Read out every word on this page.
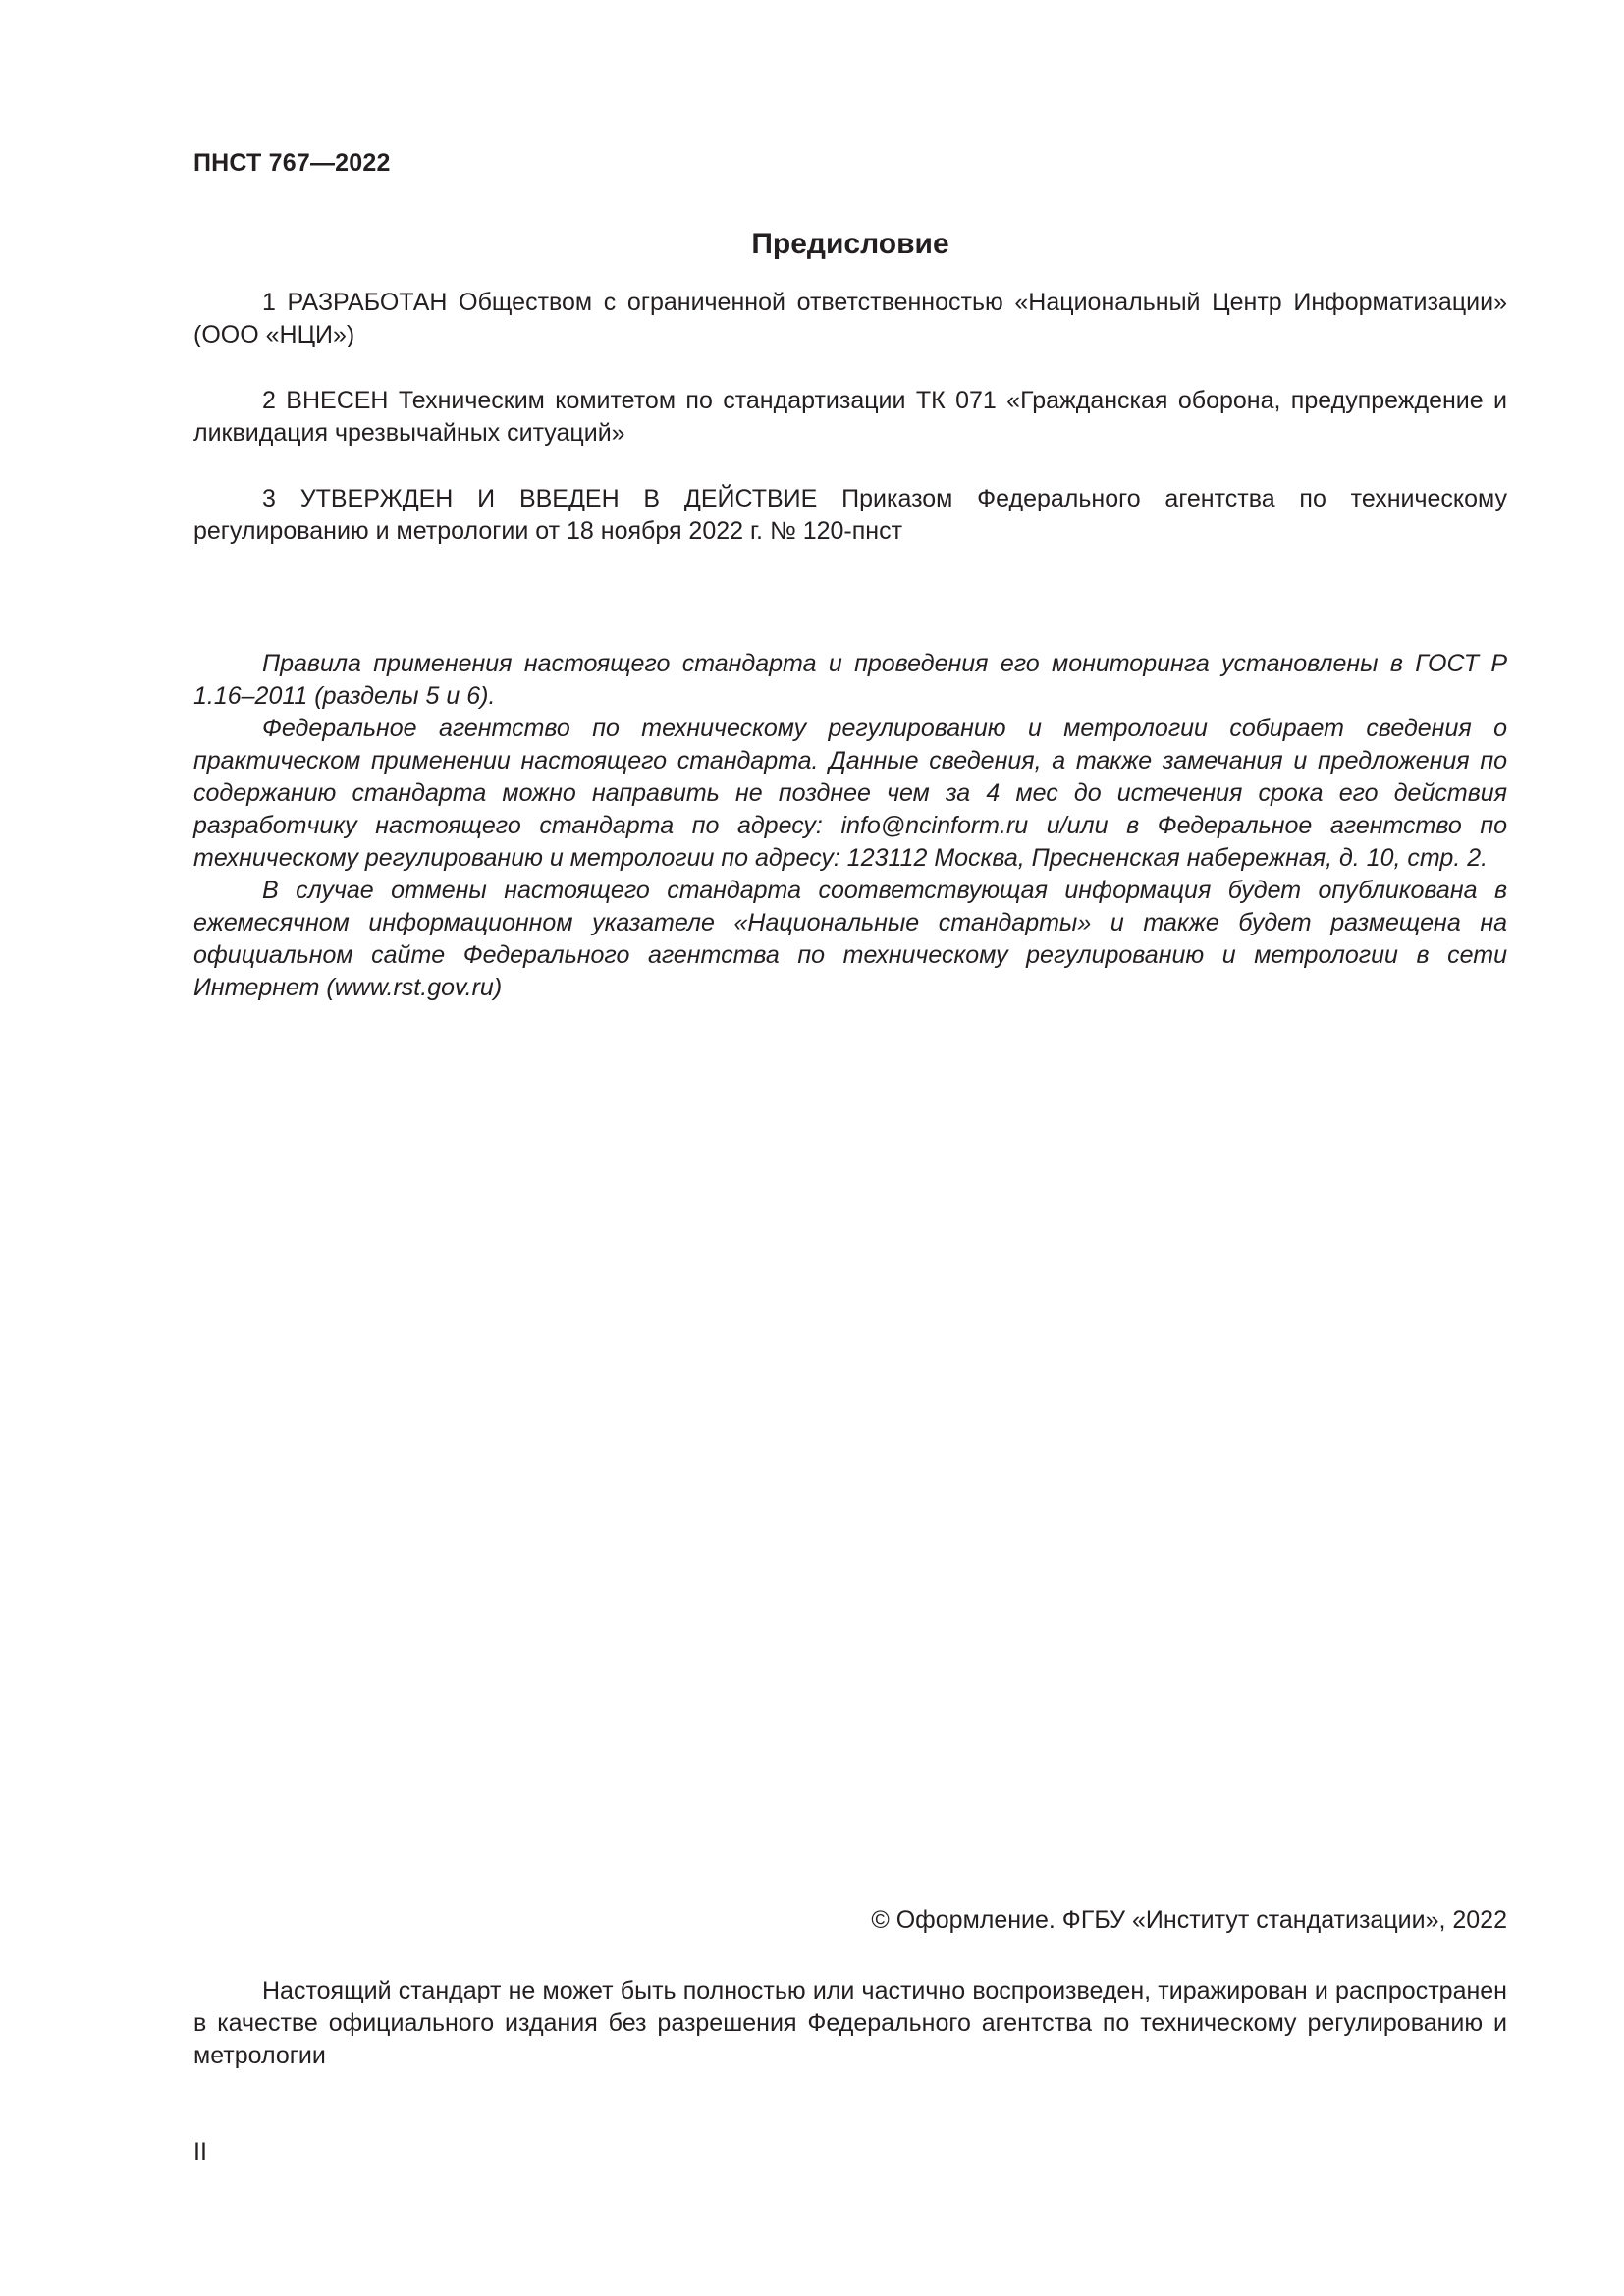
ПНСТ 767—2022

Предисловие

1 РАЗРАБОТАН Обществом с ограниченной ответственностью «Национальный Центр Информатизации» (ООО «НЦИ»)

2 ВНЕСЕН Техническим комитетом по стандартизации ТК 071 «Гражданская оборона, предупреждение и ликвидация чрезвычайных ситуаций»

3 УТВЕРЖДЕН И ВВЕДЕН В ДЕЙСТВИЕ Приказом Федерального агентства по техническому регулированию и метрологии от 18 ноября 2022 г. № 120-пнст

Правила применения настоящего стандарта и проведения его мониторинга установлены в ГОСТ Р 1.16–2011 (разделы 5 и 6).

Федеральное агентство по техническому регулированию и метрологии собирает сведения о практическом применении настоящего стандарта. Данные сведения, а также замечания и предложения по содержанию стандарта можно направить не позднее чем за 4 мес до истечения срока его действия разработчику настоящего стандарта по адресу: info@ncinform.ru и/или в Федеральное агентство по техническому регулированию и метрологии по адресу: 123112 Москва, Пресненская набережная, д. 10, стр. 2.

В случае отмены настоящего стандарта соответствующая информация будет опубликована в ежемесячном информационном указателе «Национальные стандарты» и также будет размещена на официальном сайте Федерального агентства по техническому регулированию и метрологии в сети Интернет (www.rst.gov.ru)

© Оформление. ФГБУ «Институт стандатизации», 2022

Настоящий стандарт не может быть полностью или частично воспроизведен, тиражирован и распространен в качестве официального издания без разрешения Федерального агентства по техническому регулированию и метрологии

II
